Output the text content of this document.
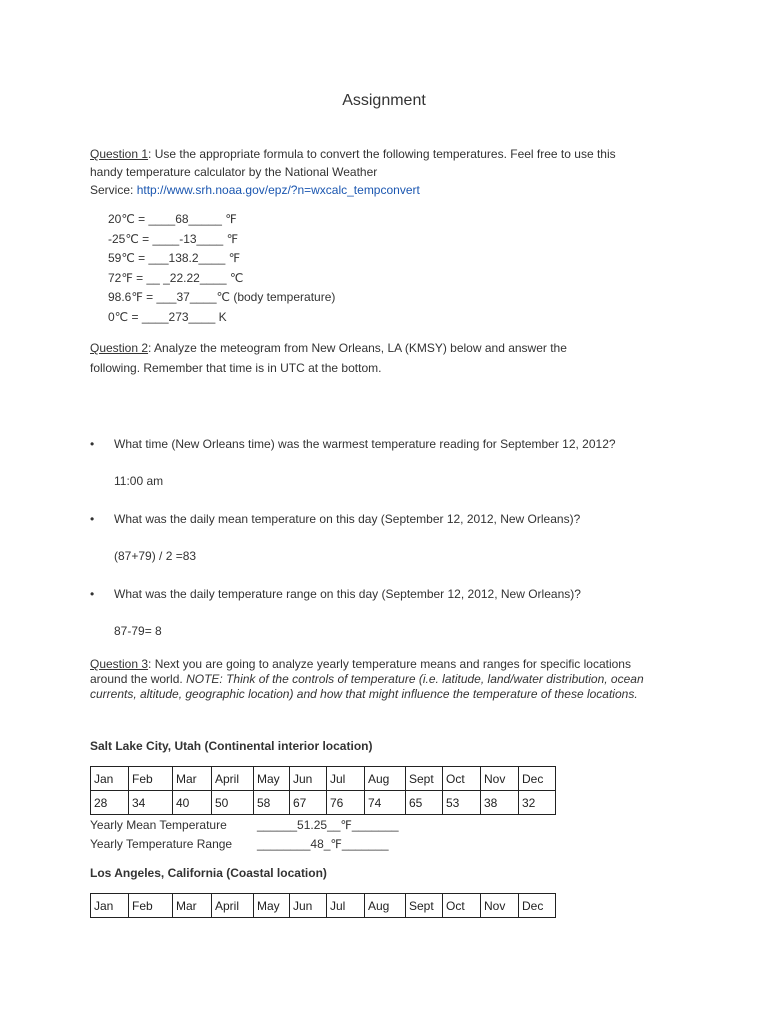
Assignment
Question 1: Use the appropriate formula to convert the following temperatures. Feel free to use this
handy temperature calculator by the National Weather
Service: http://www.srh.noaa.gov/epz/?n=wxcalc_tempconvert
20℃ = ____68_____ ℉
-25℃ = ____-13____ ℉
59℃ = ___138.2____ ℉
72℉ = __ _22.22____ ℃
98.6℉ = ___37____℃ (body temperature)
0℃ = ____273____ K
Question 2: Analyze the meteogram from New Orleans, LA (KMSY) below and answer the
following. Remember that time is in UTC at the bottom.
• What time (New Orleans time) was the warmest temperature reading for September 12, 2012?
11:00 am
• What was the daily mean temperature on this day (September 12, 2012, New Orleans)?
(87+79) / 2 =83
• What was the daily temperature range on this day (September 12, 2012, New Orleans)?
87-79= 8
Question 3: Next you are going to analyze yearly temperature means and ranges for specific locations
around the world. NOTE: Think of the controls of temperature (i.e. latitude, land/water distribution, ocean
currents, altitude, geographic location) and how that might influence the temperature of these locations.
Salt Lake City, Utah (Continental interior location)
Jan	Feb	Mar	April	May	Jun	Jul	Aug	Sept	Oct	Nov	Dec
28	34	40	50	58	67	76	74	65	53	38	32
Yearly Mean Temperature	______51.25__℉_______
Yearly Temperature Range ________48_℉_______
Los Angeles, California (Coastal location)
Jan	Feb	Mar	April	May	Jun	Jul	Aug	Sept	Oct	Nov	Dec
